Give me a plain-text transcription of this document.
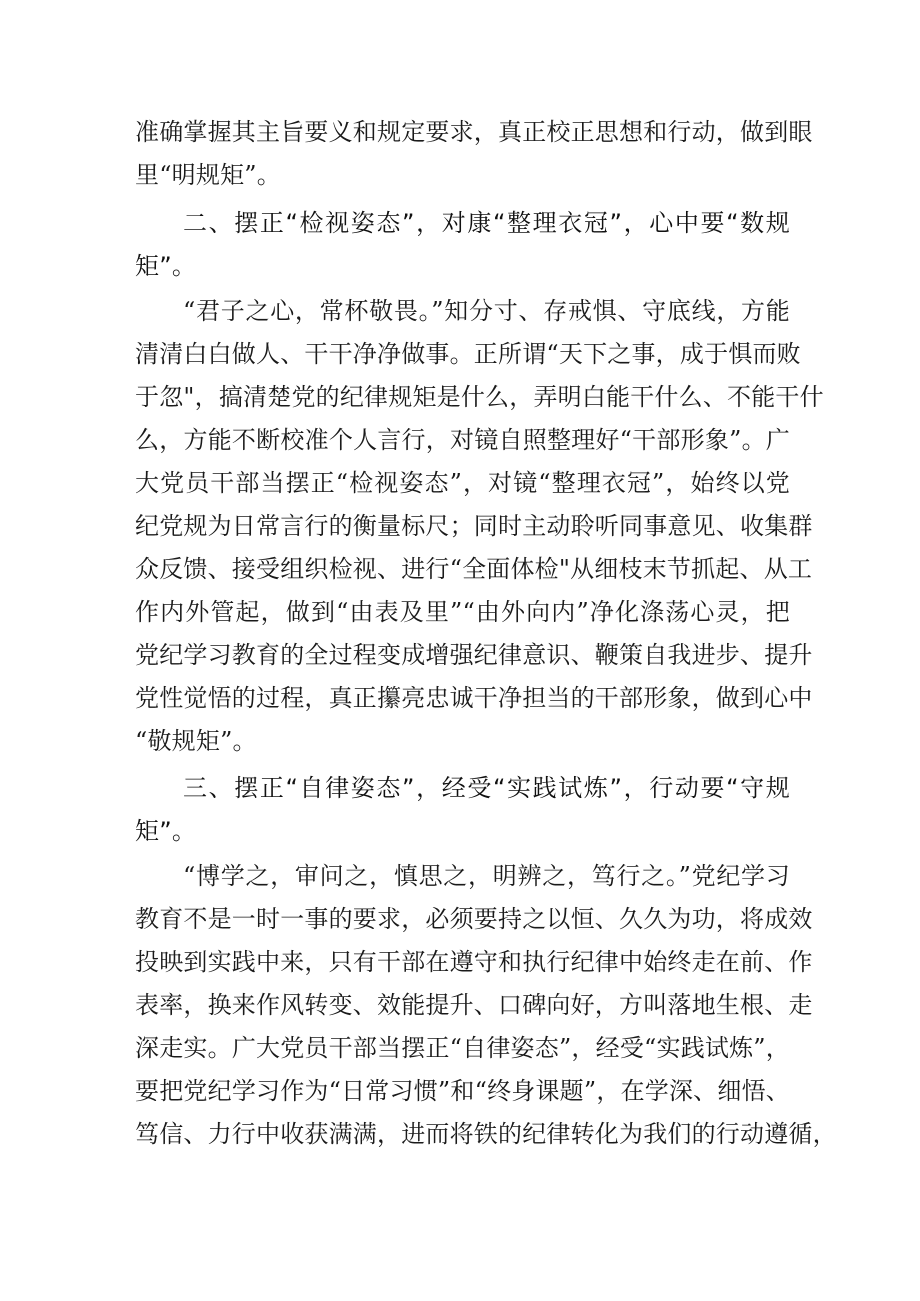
准确掌握其主旨要义和规定要求，真正校正思想和行动，做到眼
里“明规矩”。
二、摆正“检视姿态”，对康“整理衣冠”，心中要“数规
矩”。
“君子之心，常杯敬畏。”知分寸、存戒惧、守底线，方能
清清白白做人、干干净净做事。正所谓“天下之事，成于惧而败
于忽"，搞清楚党的纪律规矩是什么，弄明白能干什么、不能干什
么，方能不断校准个人言行，对镜自照整理好“干部形象”。广
大党员干部当摆正“检视姿态”，对镜“整理衣冠”，始终以党
纪党规为日常言行的衡量标尺；同时主动聆听同事意见、收集群
众反馈、接受组织检视、进行“全面体检"从细枝末节抓起、从工
作内外管起，做到“由表及里”“由外向内”净化涤荡心灵，把
党纪学习教育的全过程变成增强纪律意识、鞭策自我进步、提升
党性觉悟的过程，真正攥亮忠诚干净担当的干部形象，做到心中
“敬规矩”。
三、摆正“自律姿态”，经受“实践试炼”，行动要“守规
矩”。
“博学之，审问之，慎思之，明辨之，笃行之。”党纪学习
教育不是一时一事的要求，必须要持之以恒、久久为功，将成效
投映到实践中来，只有干部在遵守和执行纪律中始终走在前、作
表率，换来作风转变、效能提升、口碑向好，方叫落地生根、走
深走实。广大党员干部当摆正“自律姿态”，经受“实践试炼”，
要把党纪学习作为“日常习惯”和“终身课题”，在学深、细悟、
笃信、力行中收获满满，进而将铁的纪律转化为我们的行动遵循，
